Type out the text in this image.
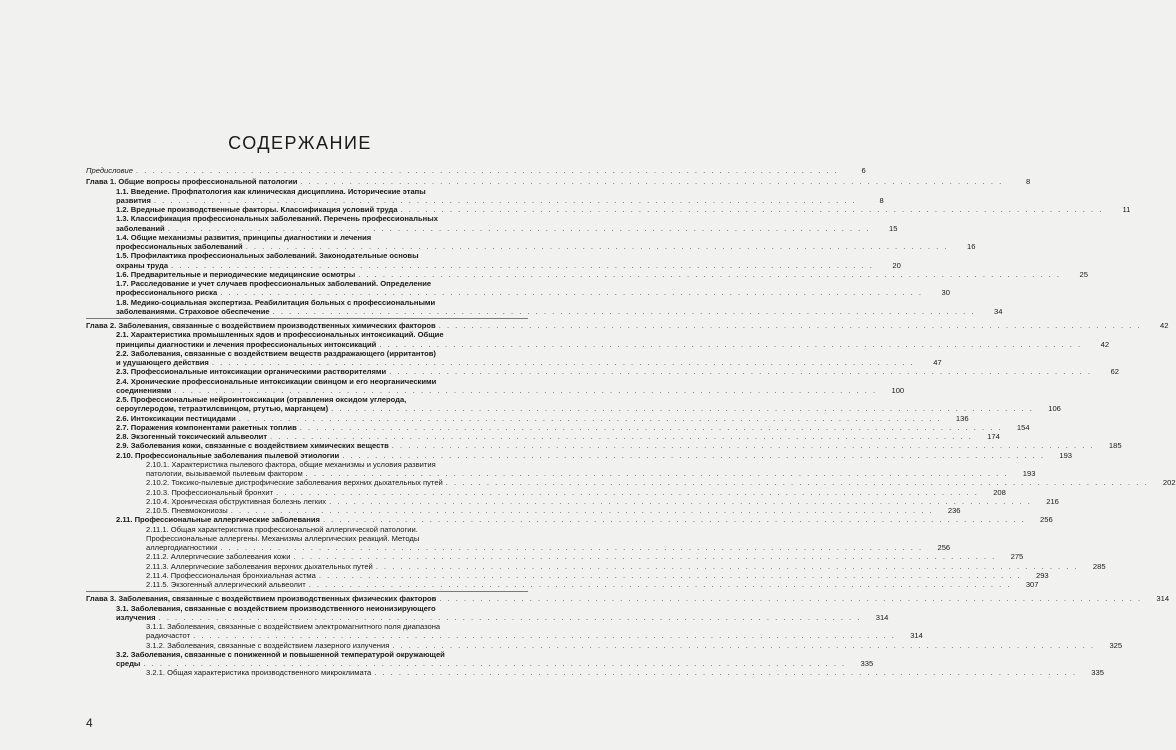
СОДЕРЖАНИЕ
Предисловие . . . . . . . . . . . . . . . . . . . . . . . . . . . . . . . . . . . . . . . . . . . . . . . . . . . . . . . . . . . . . . . . . . . . . . . . . . . . . . . . . . . . . .	6
Глава 1. Общие вопросы профессиональной патологии . . . . . . . . . . . . . . . . . . . . . . . . . . . . . . . . . . . . . . . . . . . . . . . . . . . . . . . . . . . . . . . . . . . . . . . . . . . . . . . . . . . . . .	8
1.1. Введение. Профпатология как клиническая дисциплина. Исторические этапы
развития . . . . . . . . . . . . . . . . . . . . . . . . . . . . . . . . . . . . . . . . . . . . . . . . . . . . . . . . . . . . . . . . . . . . . . . . . . . . . . . . . . . . . .	8
1.2. Вредные производственные факторы. Классификация условий труда . . . . . . . . . . . . . . . . . . . . . . . . . . . . . . . . . . . . . . . . . . . . . . . . . . . . . . . . . . . . . . . . . . . . . . . . . . . . . . . . . . . . . .	11
1.3. Классификация профессиональных заболеваний. Перечень профессиональных
заболеваний . . . . . . . . . . . . . . . . . . . . . . . . . . . . . . . . . . . . . . . . . . . . . . . . . . . . . . . . . . . . . . . . . . . . . . . . . . . . . . . . . . . . . .	15
1.4. Общие механизмы развития, принципы диагностики и лечения
профессиональных заболеваний . . . . . . . . . . . . . . . . . . . . . . . . . . . . . . . . . . . . . . . . . . . . . . . . . . . . . . . . . . . . . . . . . . . . . . . . . . . . . . . . . . . . . .	16
1.5. Профилактика профессиональных заболеваний. Законодательные основы
охраны труда . . . . . . . . . . . . . . . . . . . . . . . . . . . . . . . . . . . . . . . . . . . . . . . . . . . . . . . . . . . . . . . . . . . . . . . . . . . . . . . . . . . . . .	20
1.6. Предварительные и периодические медицинские осмотры . . . . . . . . . . . . . . . . . . . . . . . . . . . . . . . . . . . . . . . . . . . . . . . . . . . . . . . . . . . . . . . . . . . . . . . . . . . . . . . . . . . . . .	25
1.7. Расследование и учет случаев профессиональных заболеваний. Определение
профессионального риска . . . . . . . . . . . . . . . . . . . . . . . . . . . . . . . . . . . . . . . . . . . . . . . . . . . . . . . . . . . . . . . . . . . . . . . . . . . . . . . . . . . . . .	30
1.8. Медико-социальная экспертиза. Реабилитация больных с профессиональными
заболеваниями. Страховое обеспечение . . . . . . . . . . . . . . . . . . . . . . . . . . . . . . . . . . . . . . . . . . . . . . . . . . . . . . . . . . . . . . . . . . . . . . . . . . . . . . . . . . . . . .	34
Глава 2. Заболевания, связанные с воздействием производственных химических факторов . . . . . . . . . . . . . . . . . . . . . . . . . . . . . . . . . . . . . . . . . . . . . . . . . . . . . . . . . . . . . . . . . . . . . . . . . . . . . . . . . . . . . .	42
2.1. Характеристика промышленных ядов и профессиональных интоксикаций. Общие
принципы диагностики и лечения профессиональных интоксикаций . . . . . . . . . . . . . . . . . . . . . . . . . . . . . . . . . . . . . . . . . . . . . . . . . . . . . . . . . . . . . . . . . . . . . . . . . . . . . . . . . . . . . .	42
2.2. Заболевания, связанные с воздействием веществ раздражающего (ирритантов)
и удушающего действия . . . . . . . . . . . . . . . . . . . . . . . . . . . . . . . . . . . . . . . . . . . . . . . . . . . . . . . . . . . . . . . . . . . . . . . . . . . . . . . . . . . . . .	47
2.3. Профессиональные интоксикации органическими растворителями . . . . . . . . . . . . . . . . . . . . . . . . . . . . . . . . . . . . . . . . . . . . . . . . . . . . . . . . . . . . . . . . . . . . . . . . . . . . . . . . . . . . . .	62
2.4. Хронические профессиональные интоксикации свинцом и его неорганическими
соединениями . . . . . . . . . . . . . . . . . . . . . . . . . . . . . . . . . . . . . . . . . . . . . . . . . . . . . . . . . . . . . . . . . . . . . . . . . . . . . . . . . . . . . .	100
2.5. Профессиональные нейроинтоксикации (отравления оксидом углерода,
сероуглеродом, тетраэтилсвинцом, ртутью, марганцем) . . . . . . . . . . . . . . . . . . . . . . . . . . . . . . . . . . . . . . . . . . . . . . . . . . . . . . . . . . . . . . . . . . . . . . . . . . . . . . . . . . . . . .	106
2.6. Интоксикации пестицидами . . . . . . . . . . . . . . . . . . . . . . . . . . . . . . . . . . . . . . . . . . . . . . . . . . . . . . . . . . . . . . . . . . . . . . . . . . . . . . . . . . . . . .	136
2.7. Поражения компонентами ракетных топлив . . . . . . . . . . . . . . . . . . . . . . . . . . . . . . . . . . . . . . . . . . . . . . . . . . . . . . . . . . . . . . . . . . . . . . . . . . . . . . . . . . . . . .	154
2.8. Экзогенный токсический альвеолит . . . . . . . . . . . . . . . . . . . . . . . . . . . . . . . . . . . . . . . . . . . . . . . . . . . . . . . . . . . . . . . . . . . . . . . . . . . . . . . . . . . . . .	174
2.9. Заболевания кожи, связанные с воздействием химических веществ . . . . . . . . . . . . . . . . . . . . . . . . . . . . . . . . . . . . . . . . . . . . . . . . . . . . . . . . . . . . . . . . . . . . . . . . . . . . . . . . . . . . . .	185
2.10. Профессиональные заболевания пылевой этиологии . . . . . . . . . . . . . . . . . . . . . . . . . . . . . . . . . . . . . . . . . . . . . . . . . . . . . . . . . . . . . . . . . . . . . . . . . . . . . . . . . . . . . .	193
2.10.1. Характеристика пылевого фактора, общие механизмы и условия развития
патологии, вызываемой пылевым фактором . . . . . . . . . . . . . . . . . . . . . . . . . . . . . . . . . . . . . . . . . . . . . . . . . . . . . . . . . . . . . . . . . . . . . . . . . . . . . . . . . . . . . .	193
2.10.2. Токсико-пылевые дистрофические заболевания верхних дыхательных путей . . . . . . . . . . . . . . . . . . . . . . . . . . . . . . . . . . . . . . . . . . . . . . . . . . . . . . . . . . . . . . . . . . . . . . . . . . . . . . . . . . . . . .	202
2.10.3. Профессиональный бронхит . . . . . . . . . . . . . . . . . . . . . . . . . . . . . . . . . . . . . . . . . . . . . . . . . . . . . . . . . . . . . . . . . . . . . . . . . . . . . . . . . . . . . .	208
2.10.4. Хроническая обструктивная болезнь легких . . . . . . . . . . . . . . . . . . . . . . . . . . . . . . . . . . . . . . . . . . . . . . . . . . . . . . . . . . . . . . . . . . . . . . . . . . . . . . . . . . . . . .	216
2.10.5. Пневмокониозы . . . . . . . . . . . . . . . . . . . . . . . . . . . . . . . . . . . . . . . . . . . . . . . . . . . . . . . . . . . . . . . . . . . . . . . . . . . . . . . . . . . . . .	236
2.11. Профессиональные аллергические заболевания . . . . . . . . . . . . . . . . . . . . . . . . . . . . . . . . . . . . . . . . . . . . . . . . . . . . . . . . . . . . . . . . . . . . . . . . . . . . . . . . . . . . . .	256
2.11.1. Общая характеристика профессиональной аллергической патологии.
Профессиональные аллергены. Механизмы аллергических реакций. Методы
аллергодиагностики . . . . . . . . . . . . . . . . . . . . . . . . . . . . . . . . . . . . . . . . . . . . . . . . . . . . . . . . . . . . . . . . . . . . . . . . . . . . . . . . . . . . . .	256
2.11.2. Аллергические заболевания кожи . . . . . . . . . . . . . . . . . . . . . . . . . . . . . . . . . . . . . . . . . . . . . . . . . . . . . . . . . . . . . . . . . . . . . . . . . . . . . . . . . . . . . .	275
2.11.3. Аллергические заболевания верхних дыхательных путей . . . . . . . . . . . . . . . . . . . . . . . . . . . . . . . . . . . . . . . . . . . . . . . . . . . . . . . . . . . . . . . . . . . . . . . . . . . . . . . . . . . . . .	285
2.11.4. Профессиональная бронхиальная астма . . . . . . . . . . . . . . . . . . . . . . . . . . . . . . . . . . . . . . . . . . . . . . . . . . . . . . . . . . . . . . . . . . . . . . . . . . . . . . . . . . . . . .	293
2.11.5. Экзогенный аллергический альвеолит . . . . . . . . . . . . . . . . . . . . . . . . . . . . . . . . . . . . . . . . . . . . . . . . . . . . . . . . . . . . . . . . . . . . . . . . . . . . . . . . . . . . . .	307
Глава 3. Заболевания, связанные с воздействием производственных физических факторов . . . . . . . . . . . . . . . . . . . . . . . . . . . . . . . . . . . . . . . . . . . . . . . . . . . . . . . . . . . . . . . . . . . . . . . . . . . . . . . . . . . . . .	314
3.1. Заболевания, связанные с воздействием производственного неионизирующего
излучения . . . . . . . . . . . . . . . . . . . . . . . . . . . . . . . . . . . . . . . . . . . . . . . . . . . . . . . . . . . . . . . . . . . . . . . . . . . . . . . . . . . . . .	314
3.1.1. Заболевания, связанные с воздействием электромагнитного поля диапазона
радиочастот . . . . . . . . . . . . . . . . . . . . . . . . . . . . . . . . . . . . . . . . . . . . . . . . . . . . . . . . . . . . . . . . . . . . . . . . . . . . . . . . . . . . . .	314
3.1.2. Заболевания, связанные с воздействием лазерного излучения . . . . . . . . . . . . . . . . . . . . . . . . . . . . . . . . . . . . . . . . . . . . . . . . . . . . . . . . . . . . . . . . . . . . . . . . . . . . . . . . . . . . . .	325
3.2. Заболевания, связанные с пониженной и повышенной температурой окружающей
среды . . . . . . . . . . . . . . . . . . . . . . . . . . . . . . . . . . . . . . . . . . . . . . . . . . . . . . . . . . . . . . . . . . . . . . . . . . . . . . . . . . . . . .	335
3.2.1. Общая характеристика производственного микроклимата . . . . . . . . . . . . . . . . . . . . . . . . . . . . . . . . . . . . . . . . . . . . . . . . . . . . . . . . . . . . . . . . . . . . . . . . . . . . . . . . . . . . . .	335
4
